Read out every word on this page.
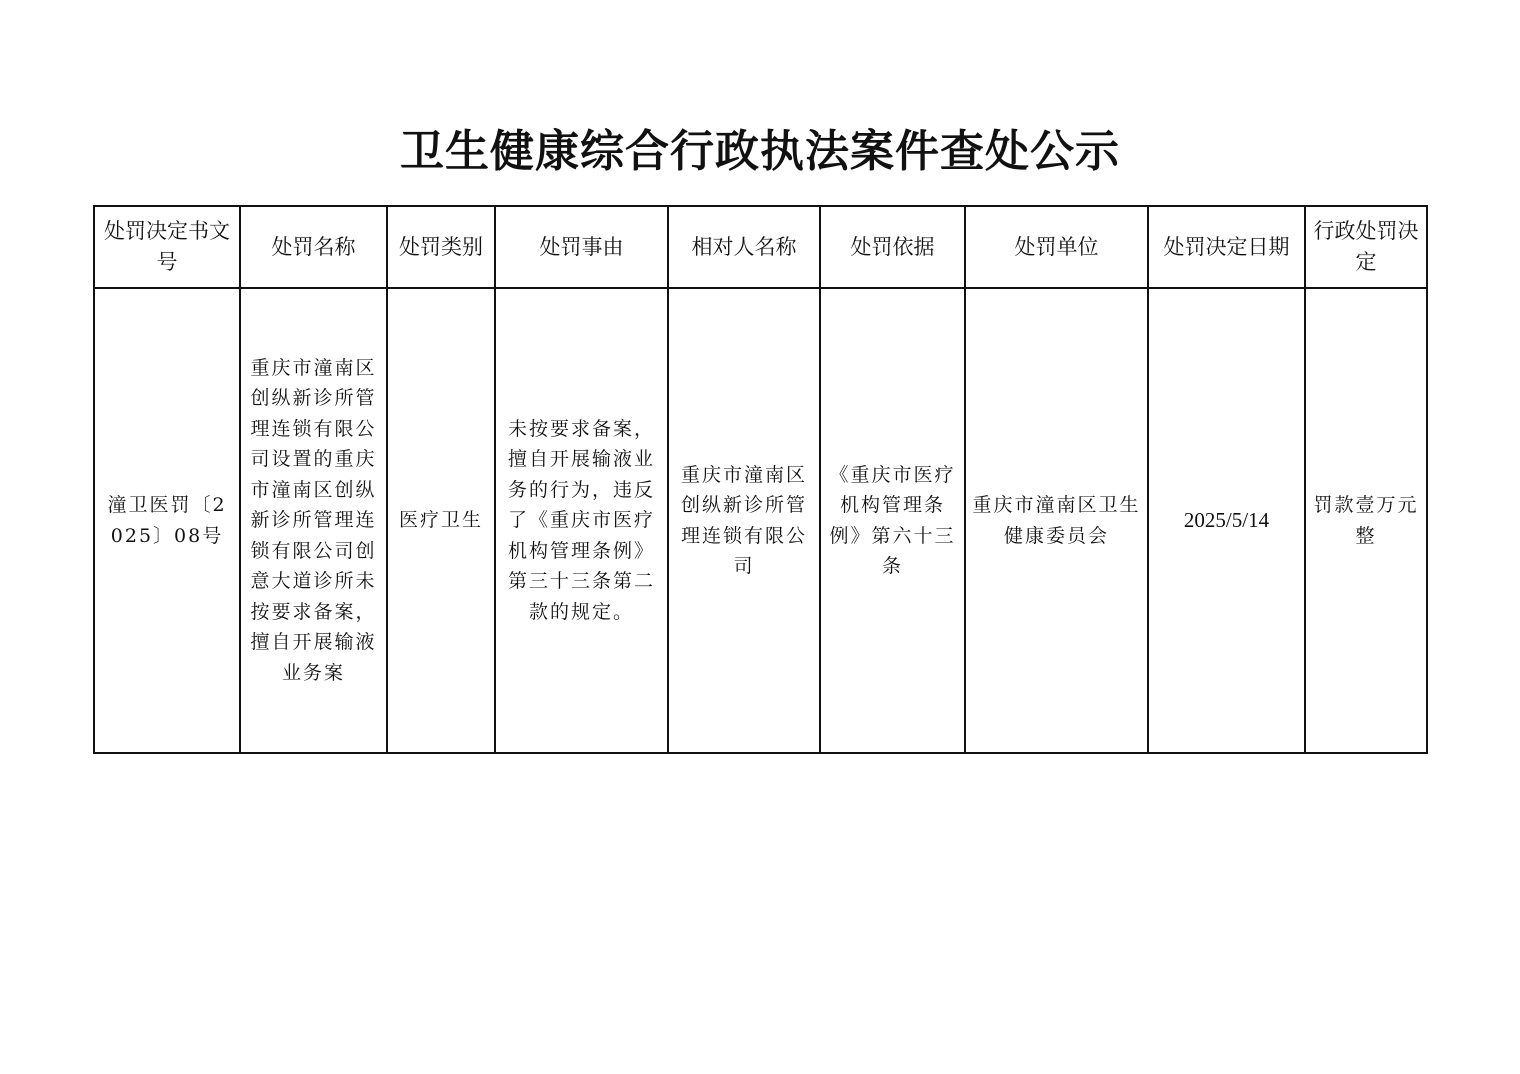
卫生健康综合行政执法案件查处公示
处罚决定书文号	处罚名称	处罚类别	处罚事由	相对人名称	处罚依据	处罚单位	处罚决定日期	行政处罚决定
潼卫医罚〔2025〕08号	重庆市潼南区创纵新诊所管理连锁有限公司设置的重庆市潼南区创纵新诊所管理连锁有限公司创意大道诊所未按要求备案，擅自开展输液业务案	医疗卫生	未按要求备案，擅自开展输液业务的行为，违反了《重庆市医疗机构管理条例》第三十三条第二款的规定。	重庆市潼南区创纵新诊所管理连锁有限公司	《重庆市医疗机构管理条例》第六十三条	重庆市潼南区卫生健康委员会	2025/5/14	罚款壹万元整
